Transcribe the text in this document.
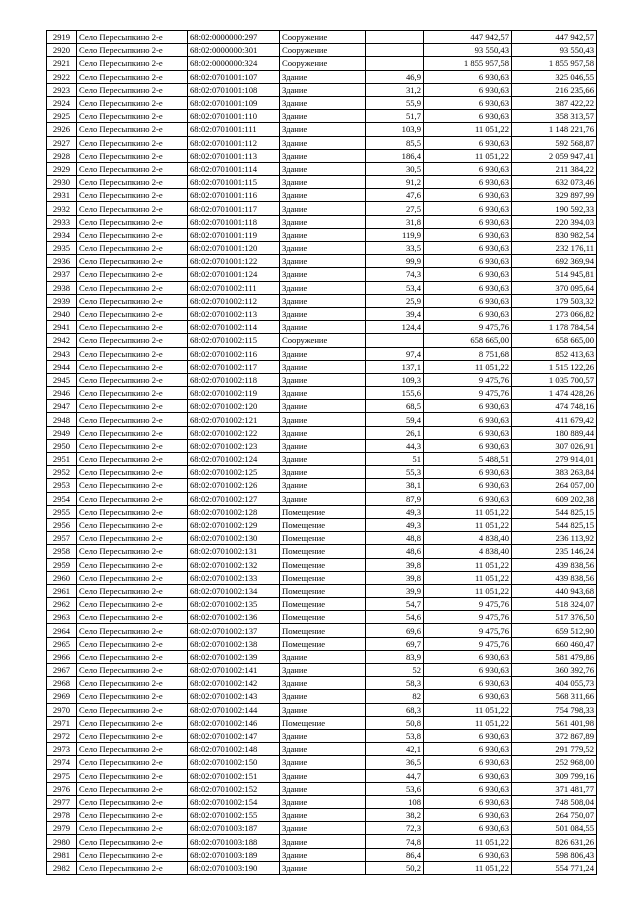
2919	Село Пересыпкино 2-е	68:02:0000000:297	Сооружение		447 942,57	447 942,57
2920	Село Пересыпкино 2-е	68:02:0000000:301	Сооружение		93 550,43	93 550,43
2921	Село Пересыпкино 2-е	68:02:0000000:324	Сооружение		1 855 957,58	1 855 957,58
2922	Село Пересыпкино 2-е	68:02:0701001:107	Здание	46,9	6 930,63	325 046,55
2923	Село Пересыпкино 2-е	68:02:0701001:108	Здание	31,2	6 930,63	216 235,66
2924	Село Пересыпкино 2-е	68:02:0701001:109	Здание	55,9	6 930,63	387 422,22
2925	Село Пересыпкино 2-е	68:02:0701001:110	Здание	51,7	6 930,63	358 313,57
2926	Село Пересыпкино 2-е	68:02:0701001:111	Здание	103,9	11 051,22	1 148 221,76
2927	Село Пересыпкино 2-е	68:02:0701001:112	Здание	85,5	6 930,63	592 568,87
2928	Село Пересыпкино 2-е	68:02:0701001:113	Здание	186,4	11 051,22	2 059 947,41
2929	Село Пересыпкино 2-е	68:02:0701001:114	Здание	30,5	6 930,63	211 384,22
2930	Село Пересыпкино 2-е	68:02:0701001:115	Здание	91,2	6 930,63	632 073,46
2931	Село Пересыпкино 2-е	68:02:0701001:116	Здание	47,6	6 930,63	329 897,99
2932	Село Пересыпкино 2-е	68:02:0701001:117	Здание	27,5	6 930,63	190 592,33
2933	Село Пересыпкино 2-е	68:02:0701001:118	Здание	31,8	6 930,63	220 394,03
2934	Село Пересыпкино 2-е	68:02:0701001:119	Здание	119,9	6 930,63	830 982,54
2935	Село Пересыпкино 2-е	68:02:0701001:120	Здание	33,5	6 930,63	232 176,11
2936	Село Пересыпкино 2-е	68:02:0701001:122	Здание	99,9	6 930,63	692 369,94
2937	Село Пересыпкино 2-е	68:02:0701001:124	Здание	74,3	6 930,63	514 945,81
2938	Село Пересыпкино 2-е	68:02:0701002:111	Здание	53,4	6 930,63	370 095,64
2939	Село Пересыпкино 2-е	68:02:0701002:112	Здание	25,9	6 930,63	179 503,32
2940	Село Пересыпкино 2-е	68:02:0701002:113	Здание	39,4	6 930,63	273 066,82
2941	Село Пересыпкино 2-е	68:02:0701002:114	Здание	124,4	9 475,76	1 178 784,54
2942	Село Пересыпкино 2-е	68:02:0701002:115	Сооружение		658 665,00	658 665,00
2943	Село Пересыпкино 2-е	68:02:0701002:116	Здание	97,4	8 751,68	852 413,63
2944	Село Пересыпкино 2-е	68:02:0701002:117	Здание	137,1	11 051,22	1 515 122,26
2945	Село Пересыпкино 2-е	68:02:0701002:118	Здание	109,3	9 475,76	1 035 700,57
2946	Село Пересыпкино 2-е	68:02:0701002:119	Здание	155,6	9 475,76	1 474 428,26
2947	Село Пересыпкино 2-е	68:02:0701002:120	Здание	68,5	6 930,63	474 748,16
2948	Село Пересыпкино 2-е	68:02:0701002:121	Здание	59,4	6 930,63	411 679,42
2949	Село Пересыпкино 2-е	68:02:0701002:122	Здание	26,1	6 930,63	180 889,44
2950	Село Пересыпкино 2-е	68:02:0701002:123	Здание	44,3	6 930,63	307 026,91
2951	Село Пересыпкино 2-е	68:02:0701002:124	Здание	51	5 488,51	279 914,01
2952	Село Пересыпкино 2-е	68:02:0701002:125	Здание	55,3	6 930,63	383 263,84
2953	Село Пересыпкино 2-е	68:02:0701002:126	Здание	38,1	6 930,63	264 057,00
2954	Село Пересыпкино 2-е	68:02:0701002:127	Здание	87,9	6 930,63	609 202,38
2955	Село Пересыпкино 2-е	68:02:0701002:128	Помещение	49,3	11 051,22	544 825,15
2956	Село Пересыпкино 2-е	68:02:0701002:129	Помещение	49,3	11 051,22	544 825,15
2957	Село Пересыпкино 2-е	68:02:0701002:130	Помещение	48,8	4 838,40	236 113,92
2958	Село Пересыпкино 2-е	68:02:0701002:131	Помещение	48,6	4 838,40	235 146,24
2959	Село Пересыпкино 2-е	68:02:0701002:132	Помещение	39,8	11 051,22	439 838,56
2960	Село Пересыпкино 2-е	68:02:0701002:133	Помещение	39,8	11 051,22	439 838,56
2961	Село Пересыпкино 2-е	68:02:0701002:134	Помещение	39,9	11 051,22	440 943,68
2962	Село Пересыпкино 2-е	68:02:0701002:135	Помещение	54,7	9 475,76	518 324,07
2963	Село Пересыпкино 2-е	68:02:0701002:136	Помещение	54,6	9 475,76	517 376,50
2964	Село Пересыпкино 2-е	68:02:0701002:137	Помещение	69,6	9 475,76	659 512,90
2965	Село Пересыпкино 2-е	68:02:0701002:138	Помещение	69,7	9 475,76	660 460,47
2966	Село Пересыпкино 2-е	68:02:0701002:139	Здание	83,9	6 930,63	581 479,86
2967	Село Пересыпкино 2-е	68:02:0701002:141	Здание	52	6 930,63	360 392,76
2968	Село Пересыпкино 2-е	68:02:0701002:142	Здание	58,3	6 930,63	404 055,73
2969	Село Пересыпкино 2-е	68:02:0701002:143	Здание	82	6 930,63	568 311,66
2970	Село Пересыпкино 2-е	68:02:0701002:144	Здание	68,3	11 051,22	754 798,33
2971	Село Пересыпкино 2-е	68:02:0701002:146	Помещение	50,8	11 051,22	561 401,98
2972	Село Пересыпкино 2-е	68:02:0701002:147	Здание	53,8	6 930,63	372 867,89
2973	Село Пересыпкино 2-е	68:02:0701002:148	Здание	42,1	6 930,63	291 779,52
2974	Село Пересыпкино 2-е	68:02:0701002:150	Здание	36,5	6 930,63	252 968,00
2975	Село Пересыпкино 2-е	68:02:0701002:151	Здание	44,7	6 930,63	309 799,16
2976	Село Пересыпкино 2-е	68:02:0701002:152	Здание	53,6	6 930,63	371 481,77
2977	Село Пересыпкино 2-е	68:02:0701002:154	Здание	108	6 930,63	748 508,04
2978	Село Пересыпкино 2-е	68:02:0701002:155	Здание	38,2	6 930,63	264 750,07
2979	Село Пересыпкино 2-е	68:02:0701003:187	Здание	72,3	6 930,63	501 084,55
2980	Село Пересыпкино 2-е	68:02:0701003:188	Здание	74,8	11 051,22	826 631,26
2981	Село Пересыпкино 2-е	68:02:0701003:189	Здание	86,4	6 930,63	598 806,43
2982	Село Пересыпкино 2-е	68:02:0701003:190	Здание	50,2	11 051,22	554 771,24
